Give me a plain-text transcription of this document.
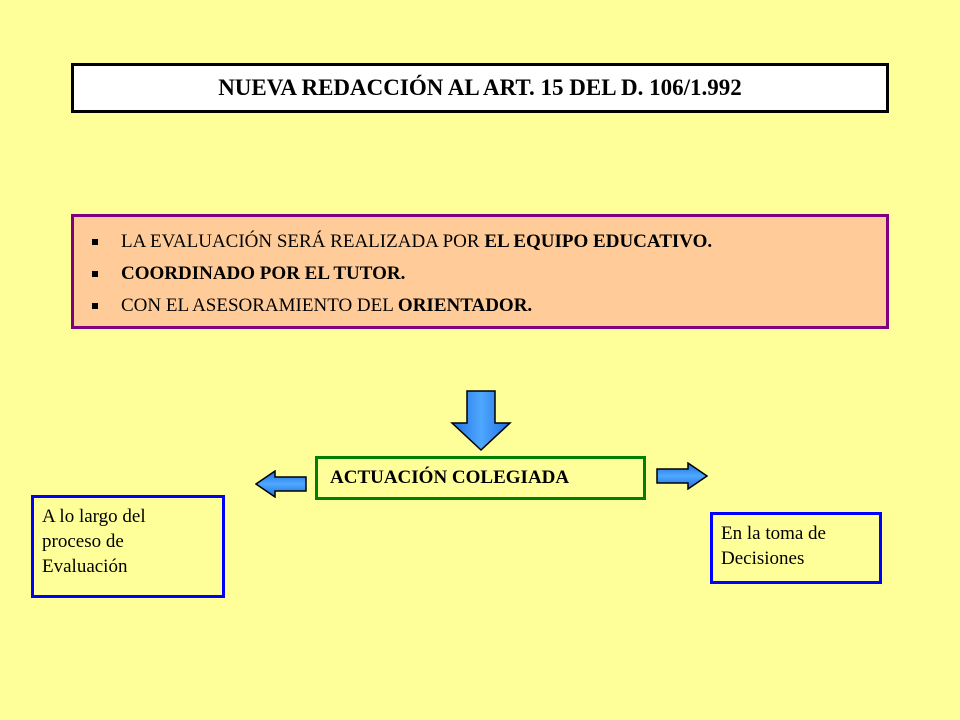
NUEVA REDACCIÓN AL ART. 15 DEL D. 106/1.992
LA EVALUACIÓN SERÁ REALIZADA POR EL EQUIPO EDUCATIVO.
COORDINADO POR EL TUTOR.
CON EL ASESORAMIENTO DEL ORIENTADOR.
ACTUACIÓN COLEGIADA
A lo largo del
proceso de
Evaluación
En la toma de
Decisiones
